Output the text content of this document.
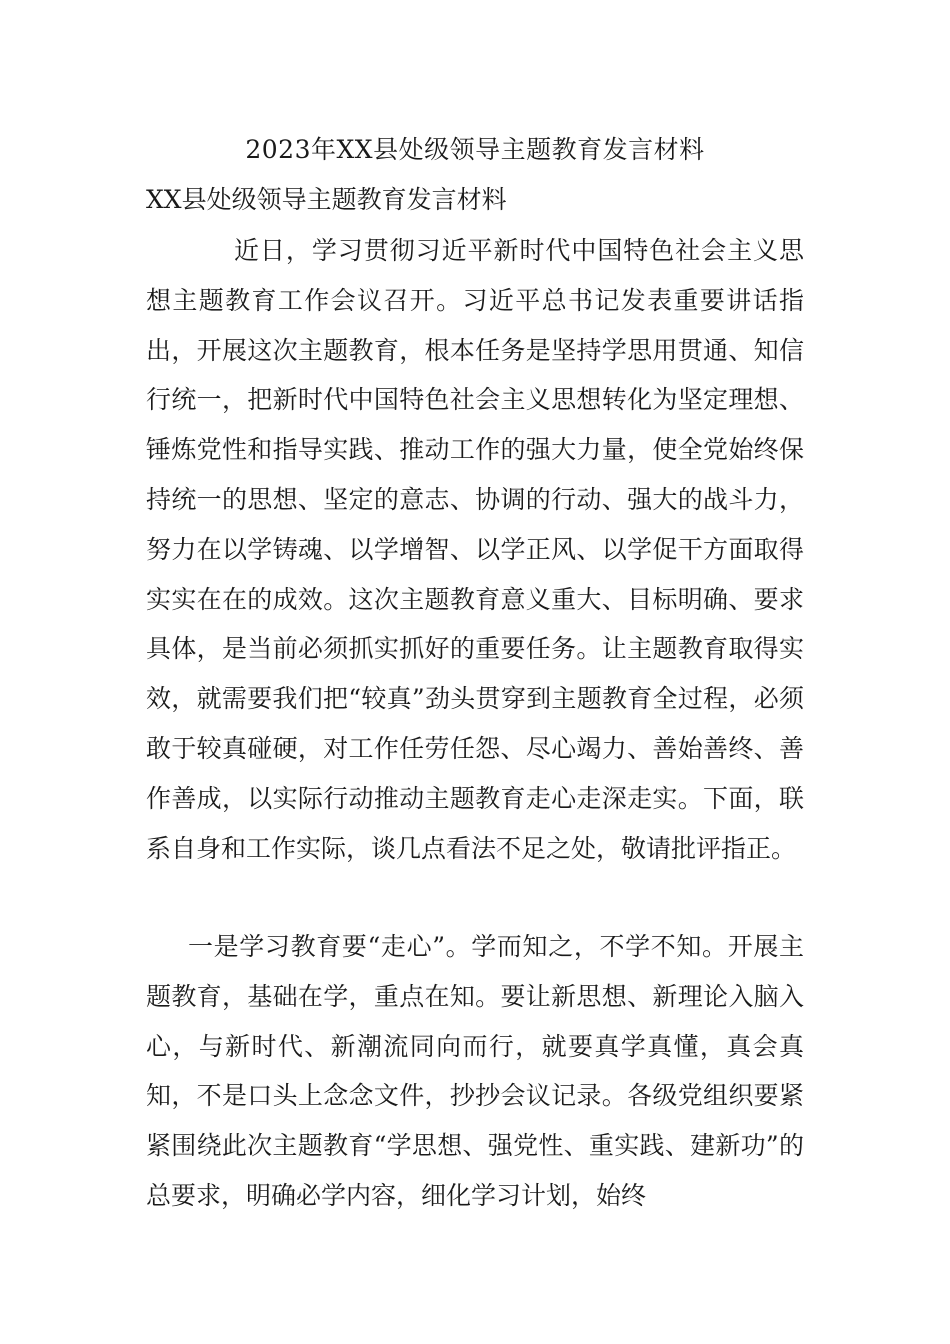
2023年XX县处级领导主题教育发言材料
XX县处级领导主题教育发言材料

近日，学习贯彻习近平新时代中国特色社会主义思想主题教育工作会议召开。习近平总书记发表重要讲话指出，开展这次主题教育，根本任务是坚持学思用贯通、知信行统一，把新时代中国特色社会主义思想转化为坚定理想、锤炼党性和指导实践、推动工作的强大力量，使全党始终保持统一的思想、坚定的意志、协调的行动、强大的战斗力，努力在以学铸魂、以学增智、以学正风、以学促干方面取得实实在在的成效。这次主题教育意义重大、目标明确、要求具体，是当前必须抓实抓好的重要任务。让主题教育取得实效，就需要我们把“较真”劲头贯穿到主题教育全过程，必须敢于较真碰硬，对工作任劳任怨、尽心竭力、善始善终、善作善成，以实际行动推动主题教育走心走深走实。下面，联系自身和工作实际，谈几点看法不足之处，敬请批评指正。

一是学习教育要“走心”。学而知之，不学不知。开展主题教育，基础在学，重点在知。要让新思想、新理论入脑入心，与新时代、新潮流同向而行，就要真学真懂，真会真知，不是口头上念念文件，抄抄会议记录。各级党组织要紧紧围绕此次主题教育“学思想、强党性、重实践、建新功”的总要求，明确必学内容，细化学习计划，始终
